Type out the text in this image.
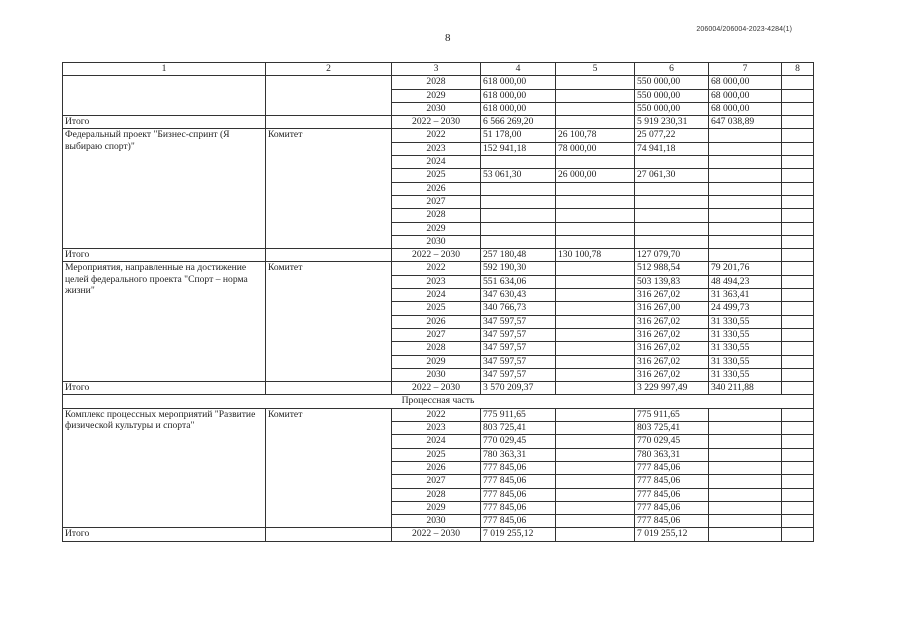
206004/206004-2023-4284(1)
8
1	2	3	4	5	6	7	8
		2028	618 000,00		550 000,00	68 000,00	
		2029	618 000,00		550 000,00	68 000,00	
		2030	618 000,00		550 000,00	68 000,00	
Итого		2022 – 2030	6 566 269,20		5 919 230,31	647 038,89	
Федеральный проект "Бизнес-спринт (Я выбираю спорт)"	Комитет	2022	51 178,00	26 100,78	25 077,22		
		2023	152 941,18	78 000,00	74 941,18		
		2024					
		2025	53 061,30	26 000,00	27 061,30		
		2026					
		2027					
		2028					
		2029					
		2030					
Итого		2022 – 2030	257 180,48	130 100,78	127 079,70		
Мероприятия, направленные на достижение целей федерального проекта "Спорт – норма жизни"	Комитет	2022	592 190,30		512 988,54	79 201,76	
		2023	551 634,06		503 139,83	48 494,23	
		2024	347 630,43		316 267,02	31 363,41	
		2025	340 766,73		316 267,00	24 499,73	
		2026	347 597,57		316 267,02	31 330,55	
		2027	347 597,57		316 267,02	31 330,55	
		2028	347 597,57		316 267,02	31 330,55	
		2029	347 597,57		316 267,02	31 330,55	
		2030	347 597,57		316 267,02	31 330,55	
Итого		2022 – 2030	3 570 209,37		3 229 997,49	340 211,88	
Процессная часть							
Комплекс процессных мероприятий "Развитие физической культуры и спорта"	Комитет	2022	775 911,65		775 911,65		
		2023	803 725,41		803 725,41		
		2024	770 029,45		770 029,45		
		2025	780 363,31		780 363,31		
		2026	777 845,06		777 845,06		
		2027	777 845,06		777 845,06		
		2028	777 845,06		777 845,06		
		2029	777 845,06		777 845,06		
		2030	777 845,06		777 845,06		
Итого		2022 – 2030	7 019 255,12		7 019 255,12		
